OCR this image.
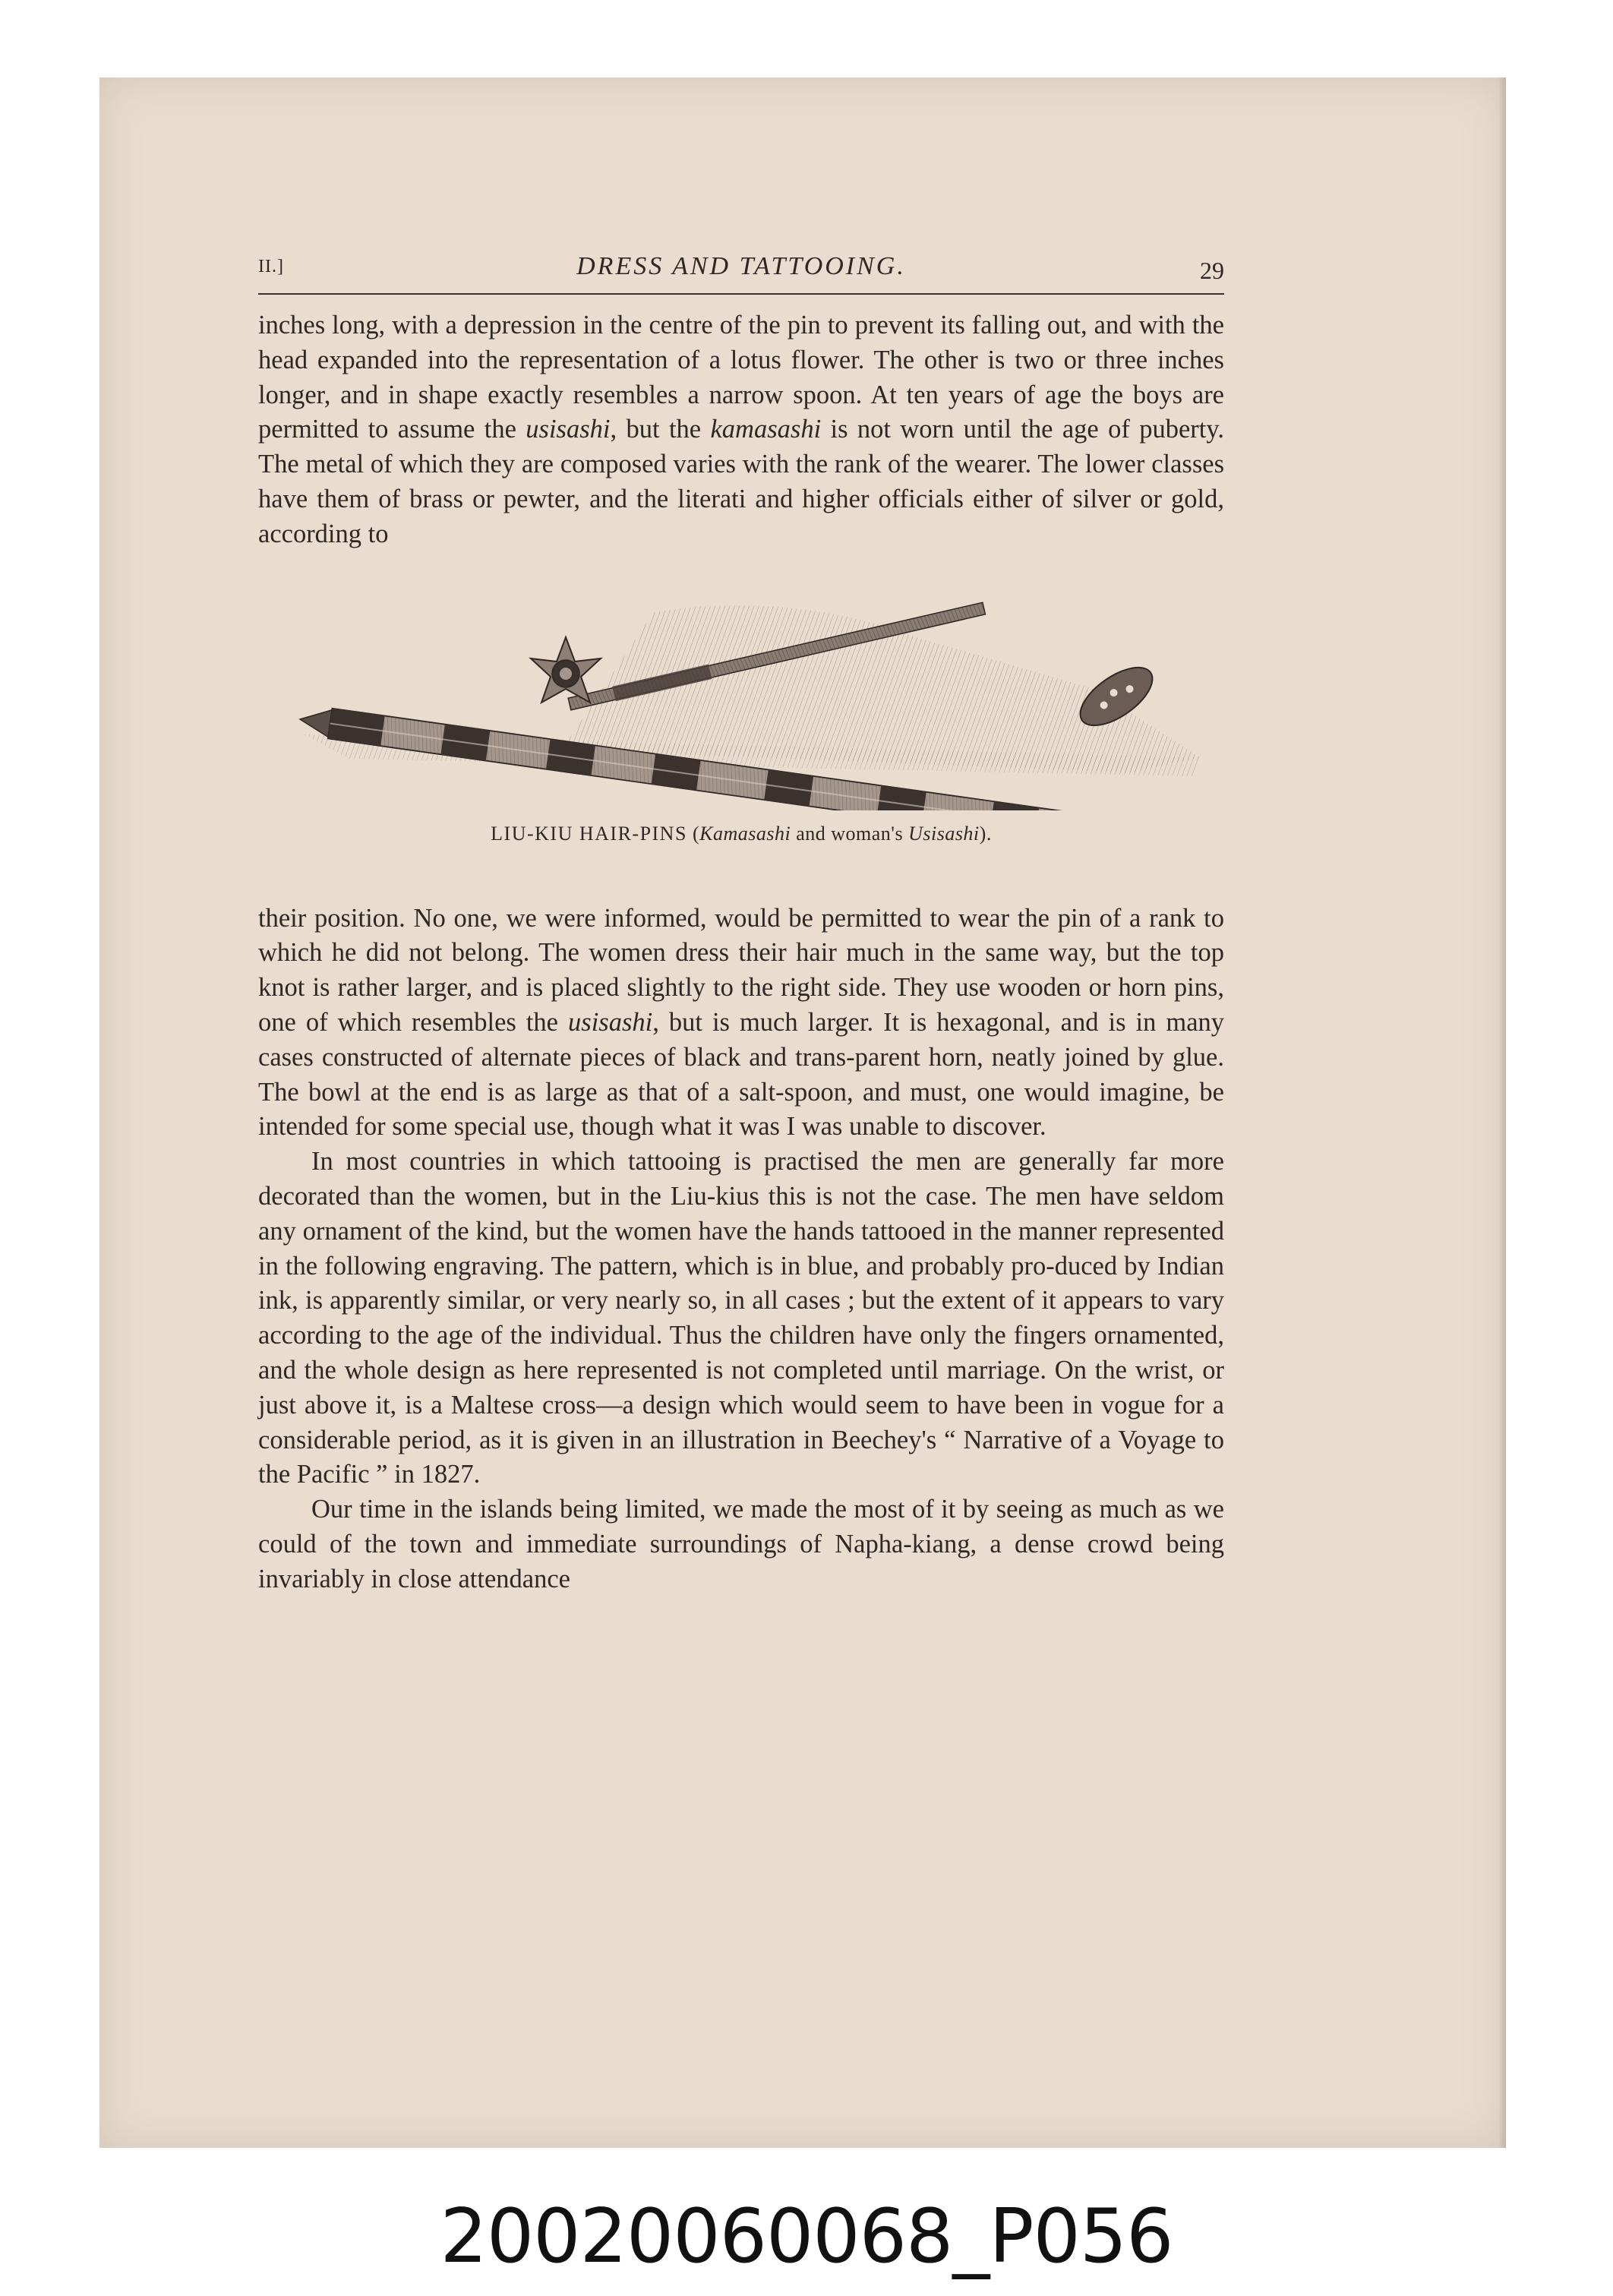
II.]	DRESS AND TATTOOING.	29

inches long, with a depression in the centre of the pin to prevent its falling out, and with the head expanded into the representation of a lotus flower. The other is two or three inches longer, and in shape exactly resembles a narrow spoon. At ten years of age the boys are permitted to assume the usisashi, but the kamasashi is not worn until the age of puberty. The metal of which they are composed varies with the rank of the wearer. The lower classes have them of brass or pewter, and the literati and higher officials either of silver or gold, according to

LIU-KIU HAIR-PINS (Kamasashi and woman's Usisashi).

their position. No one, we were informed, would be permitted to wear the pin of a rank to which he did not belong. The women dress their hair much in the same way, but the top knot is rather larger, and is placed slightly to the right side. They use wooden or horn pins, one of which resembles the usisashi, but is much larger. It is hexagonal, and is in many cases constructed of alternate pieces of black and trans-parent horn, neatly joined by glue. The bowl at the end is as large as that of a salt-spoon, and must, one would imagine, be intended for some special use, though what it was I was unable to discover.

In most countries in which tattooing is practised the men are generally far more decorated than the women, but in the Liu-kius this is not the case. The men have seldom any ornament of the kind, but the women have the hands tattooed in the manner represented in the following engraving. The pattern, which is in blue, and probably pro-duced by Indian ink, is apparently similar, or very nearly so, in all cases ; but the extent of it appears to vary according to the age of the individual. Thus the children have only the fingers ornamented, and the whole design as here represented is not completed until marriage. On the wrist, or just above it, is a Maltese cross—a design which would seem to have been in vogue for a considerable period, as it is given in an illustration in Beechey's “ Narrative of a Voyage to the Pacific ” in 1827.

Our time in the islands being limited, we made the most of it by seeing as much as we could of the town and immediate surroundings of Napha-kiang, a dense crowd being invariably in close attendance

20020060068_P056
